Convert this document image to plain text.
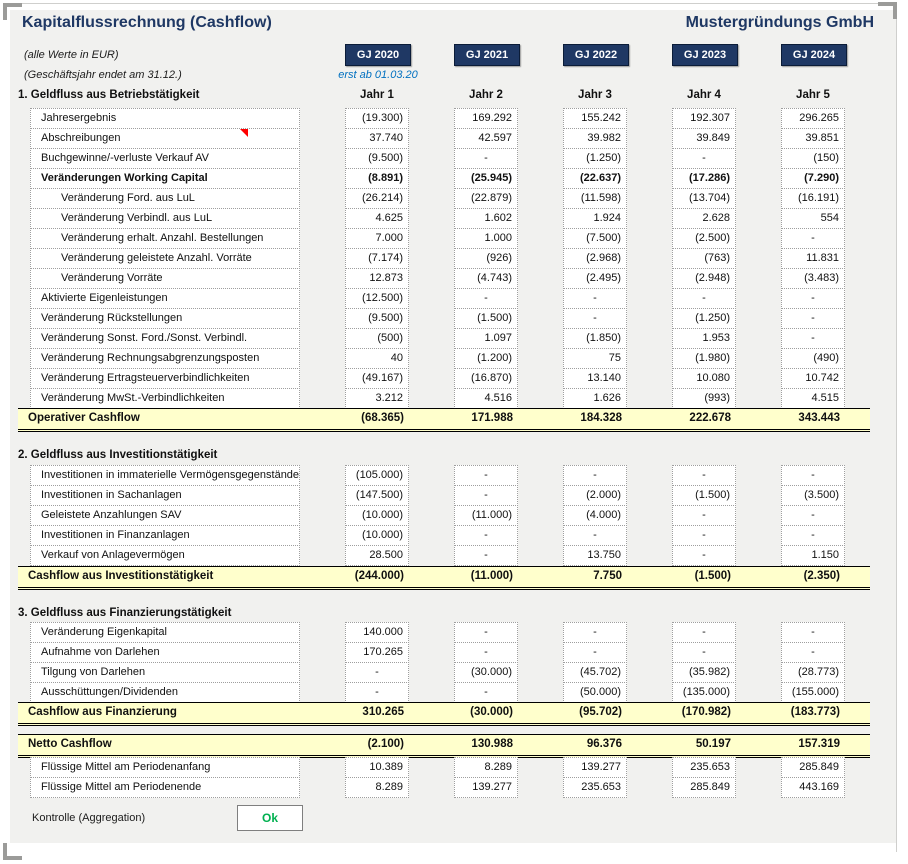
Kapitalflussrechnung (Cashflow)	Mustergründungs GmbH
GJ 2020	GJ 2021	GJ 2022	GJ 2023	GJ 2024
(alle Werte in EUR)
(Geschäftsjahr endet am 31.12.)	erst ab 01.03.20
1. Geldfluss aus Betriebstätigkeit	Jahr 1	Jahr 2	Jahr 3	Jahr 4	Jahr 5
Jahresergebnis	(19.300)	169.292	155.242	192.307	296.265
Abschreibungen	37.740	42.597	39.982	39.849	39.851
Buchgewinne/-verluste Verkauf AV	(9.500)	-	(1.250)	-	(150)
Veränderungen Working Capital	(8.891)	(25.945)	(22.637)	(17.286)	(7.290)
Veränderung Ford. aus LuL	(26.214)	(22.879)	(11.598)	(13.704)	(16.191)
Veränderung Verbindl. aus LuL	4.625	1.602	1.924	2.628	554
Veränderung erhalt. Anzahl. Bestellungen	7.000	1.000	(7.500)	(2.500)	-
Veränderung geleistete Anzahl. Vorräte	(7.174)	(926)	(2.968)	(763)	11.831
Veränderung Vorräte	12.873	(4.743)	(2.495)	(2.948)	(3.483)
Aktivierte Eigenleistungen	(12.500)	-	-	-	-
Veränderung Rückstellungen	(9.500)	(1.500)	-	(1.250)	-
Veränderung Sonst. Ford./Sonst. Verbindl.	(500)	1.097	(1.850)	1.953	-
Veränderung Rechnungsabgrenzungsposten	40	(1.200)	75	(1.980)	(490)
Veränderung Ertragsteuerverbindlichkeiten	(49.167)	(16.870)	13.140	10.080	10.742
Veränderung MwSt.-Verbindlichkeiten	3.212	4.516	1.626	(993)	4.515
Operativer Cashflow	(68.365)	171.988	184.328	222.678	343.443
2. Geldfluss aus Investitionstätigkeit
Investitionen in immaterielle Vermögensgegenstände	(105.000)	-	-	-	-
Investitionen in Sachanlagen	(147.500)	-	(2.000)	(1.500)	(3.500)
Geleistete Anzahlungen SAV	(10.000)	(11.000)	(4.000)	-	-
Investitionen in Finanzanlagen	(10.000)	-	-	-	-
Verkauf von Anlagevermögen	28.500	-	13.750	-	1.150
Cashflow aus Investitionstätigkeit	(244.000)	(11.000)	7.750	(1.500)	(2.350)
3. Geldfluss aus Finanzierungstätigkeit
Veränderung Eigenkapital	140.000	-	-	-	-
Aufnahme von Darlehen	170.265	-	-	-	-
Tilgung von Darlehen	-	(30.000)	(45.702)	(35.982)	(28.773)
Ausschüttungen/Dividenden	-	-	(50.000)	(135.000)	(155.000)
Cashflow aus Finanzierung	310.265	(30.000)	(95.702)	(170.982)	(183.773)
Netto Cashflow	(2.100)	130.988	96.376	50.197	157.319
Flüssige Mittel am Periodenanfang	10.389	8.289	139.277	235.653	285.849
Flüssige Mittel am Periodenende	8.289	139.277	235.653	285.849	443.169
Kontrolle (Aggregation)	Ok
